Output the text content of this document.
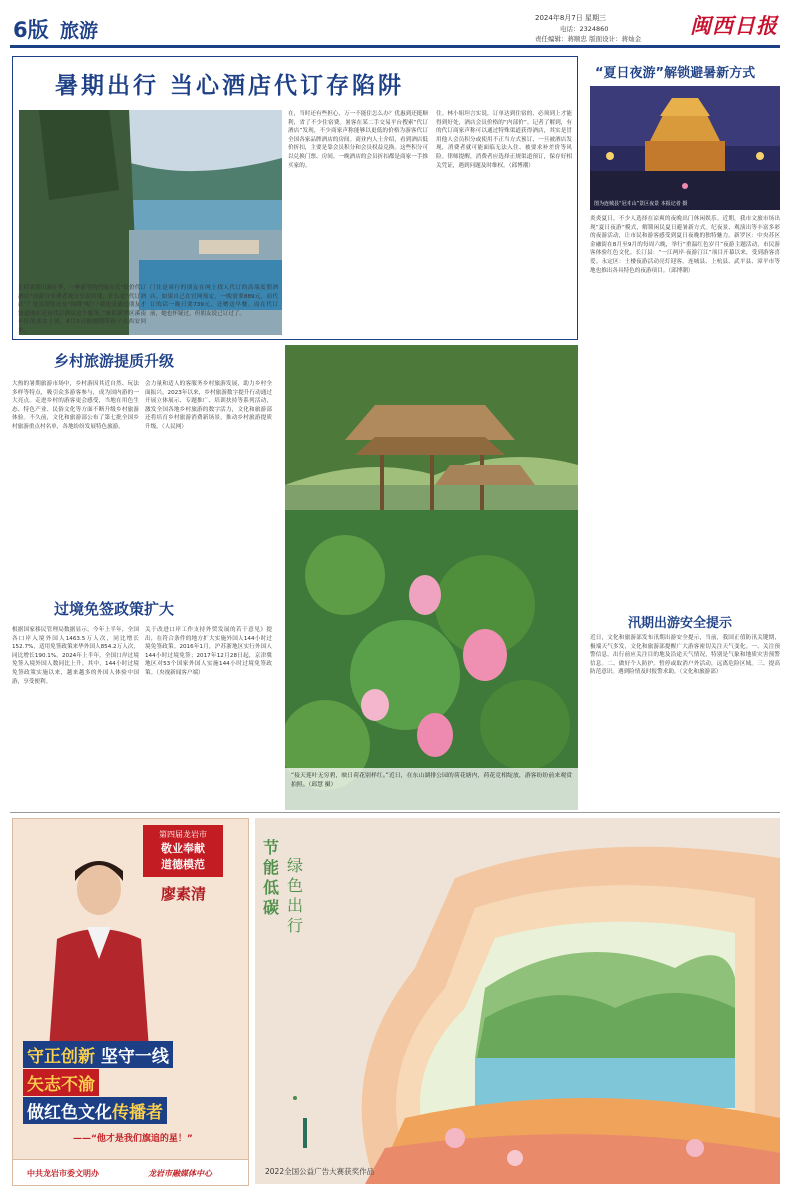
6版 旅游
2024年8月7日 星期三
电话：2324860
责任编辑：蒋顺忠 版面设计：蒋灿金
闽西日报
暑期出行 当心酒店代订存陷阱
在，当时还有些担心，万一不能住怎么办？优惠到还挺顺利，省了不少住宿费。暑客在某二手交易平台搜索“代订酒店”发现，不少商家声称能够以更低的价格为游客代订全国各家品牌酒店的房间。商业内人士介绍，看到酒店低价折扣，主要是靠会员积分和会员权益兑换。这些积分可以兑换门票、房间。一晚酒店的会员折扣都是商家一手推买家的。
住。林小姐坦言实说，订单达到住宿的，必须到上才能得到好处，酒店会员价格的“内部价”。记者了解到，有的代订商家声称可以通过特殊渠道获得酒店，其实是冒用他人会员积分或使用不正当方式预订，一旦被酒店发现，消费者就可能面临无法入住、被要求补差价等风险。律师提醒，消费者应选择正规渠道预订，保存好相关凭证，遇到问题及时维权。（邱博潮）
正值暑期出游旺季，一种新型的代购方式“低价代订酒店”成游分享费者视分享说钓别，什么是“代订酒店”？是真划算还是“钩阱”呢？“我也是通过朋友才知道现在还有代订酒店这个服务。”家住新罗区溪南小区的邓女士说，8月3日她刚刚带孩子从西安回来。
门住是周行的朋友在网上找人代订的高端度假酒店。如果自己在官网预定，一晚需要889元，而代订的话一晚只要739元，还赠送早餐。而在代订前，她也怀疑过，但朋友说已订过了。
乡村旅游提质升级
大热的暑期旅游市场中，乡村游因其近自然、玩法多样等特点，吸引众多游客参与，成为国内游的一大亮点。走进乡村的游客更会感受，当地在用色生态、特色产业、民俗文化等方面不断升级乡村旅游体验。不久前，文化和旅游部公布了第七批全国乡村旅游重点村名单，各地纷纷发展特色旅游。
会力量和适人的客服务乡村旅游发展，助力乡村全面振兴。2023年以来，乡村旅游数字提升行动通过开展立体展示、专题推广、培训扶持等系列活动，激发全国各地乡村旅游的数字活力，文化和旅游部还将培育乡村旅游消费新场景，推动乡村旅游提质升级。（人民网）
过境免签政策扩大
根据国家移民管理局数据显示，今年上半年，全国各口岸入境外国人1463.5万人次，同比增长152.7%，适用免签政策来华外国人854.2万人次，同比增长190.1%。2024年上半年，全国口岸过境免签入境外国人数同比上升。其中，144小时过境免签政策实施以来，越来越多的外国人体验中国游，享受便利。
关于改进口岸工作支持外贸发展的若干意见》提出，在符合条件的地方扩大实施外国人144小时过境免签政策。2016年1月，沪苏浙地区实行外国人144小时过境免签；2017年12月28日起，京津冀地区对53个国家外国人实施144小时过境免签政策。（央视新闻客户端）
“接天莲叶无穷碧，映日荷花别样红。”近日，在东山湖排公园的荷花塘内，荷花竞相绽放，游客纷纷前来观赏拍照。（邱慧 摄）
“夏日夜游”解锁避暑新方式
图为连城县“冠豸山”景区夜景 本报记者 摄
炎炎夏日，不少人选择在凉爽的夜晚出门休闲娱乐。近期，我市文旅市场出现“夏日夜游”模式，解锁闲民夏日避暑新方式。纪夜景、观演出等丰富多彩的夜游活动，让市民和游客感受到夏日夜晚的独特魅力。新罗区：中央苏区金融街在8月至9月的每周六晚，举行“重温红色岁月”夜游主题活动，市民游客体验红色文化。长汀县：“一江两岸·夜游汀江”项目开幕以来，受到游客喜爱。永定区：土楼夜游活动亮灯迎客。连城县、上杭县、武平县、漳平市等地也推出各具特色的夜游项目。（邱博潮）
汛期出游安全提示
近日，文化和旅游部发布汛期出游安全提示，当前，我国正值防汛关键期，极端天气多发，文化和旅游部提醒广大游客密切关注天气变化。一、关注预警信息。出行前应关注目的地及沿途天气情况，特别是气象和地质灾害预警信息。二、做好个人防护。暂停或取消户外活动，远离危险区域。三、提高防范意识。遇到险情及时报警求助。（文化和旅游部）
第四届龙岩市
敬业奉献
道德模范
廖素清
守正创新 坚守一线
矢志不渝
做红色文化传播者
——“他才是我们旗追的星！”
中共龙岩市委文明办	龙岩市融媒体中心
节能低碳
绿色出行
2022全国公益广告大赛获奖作品
